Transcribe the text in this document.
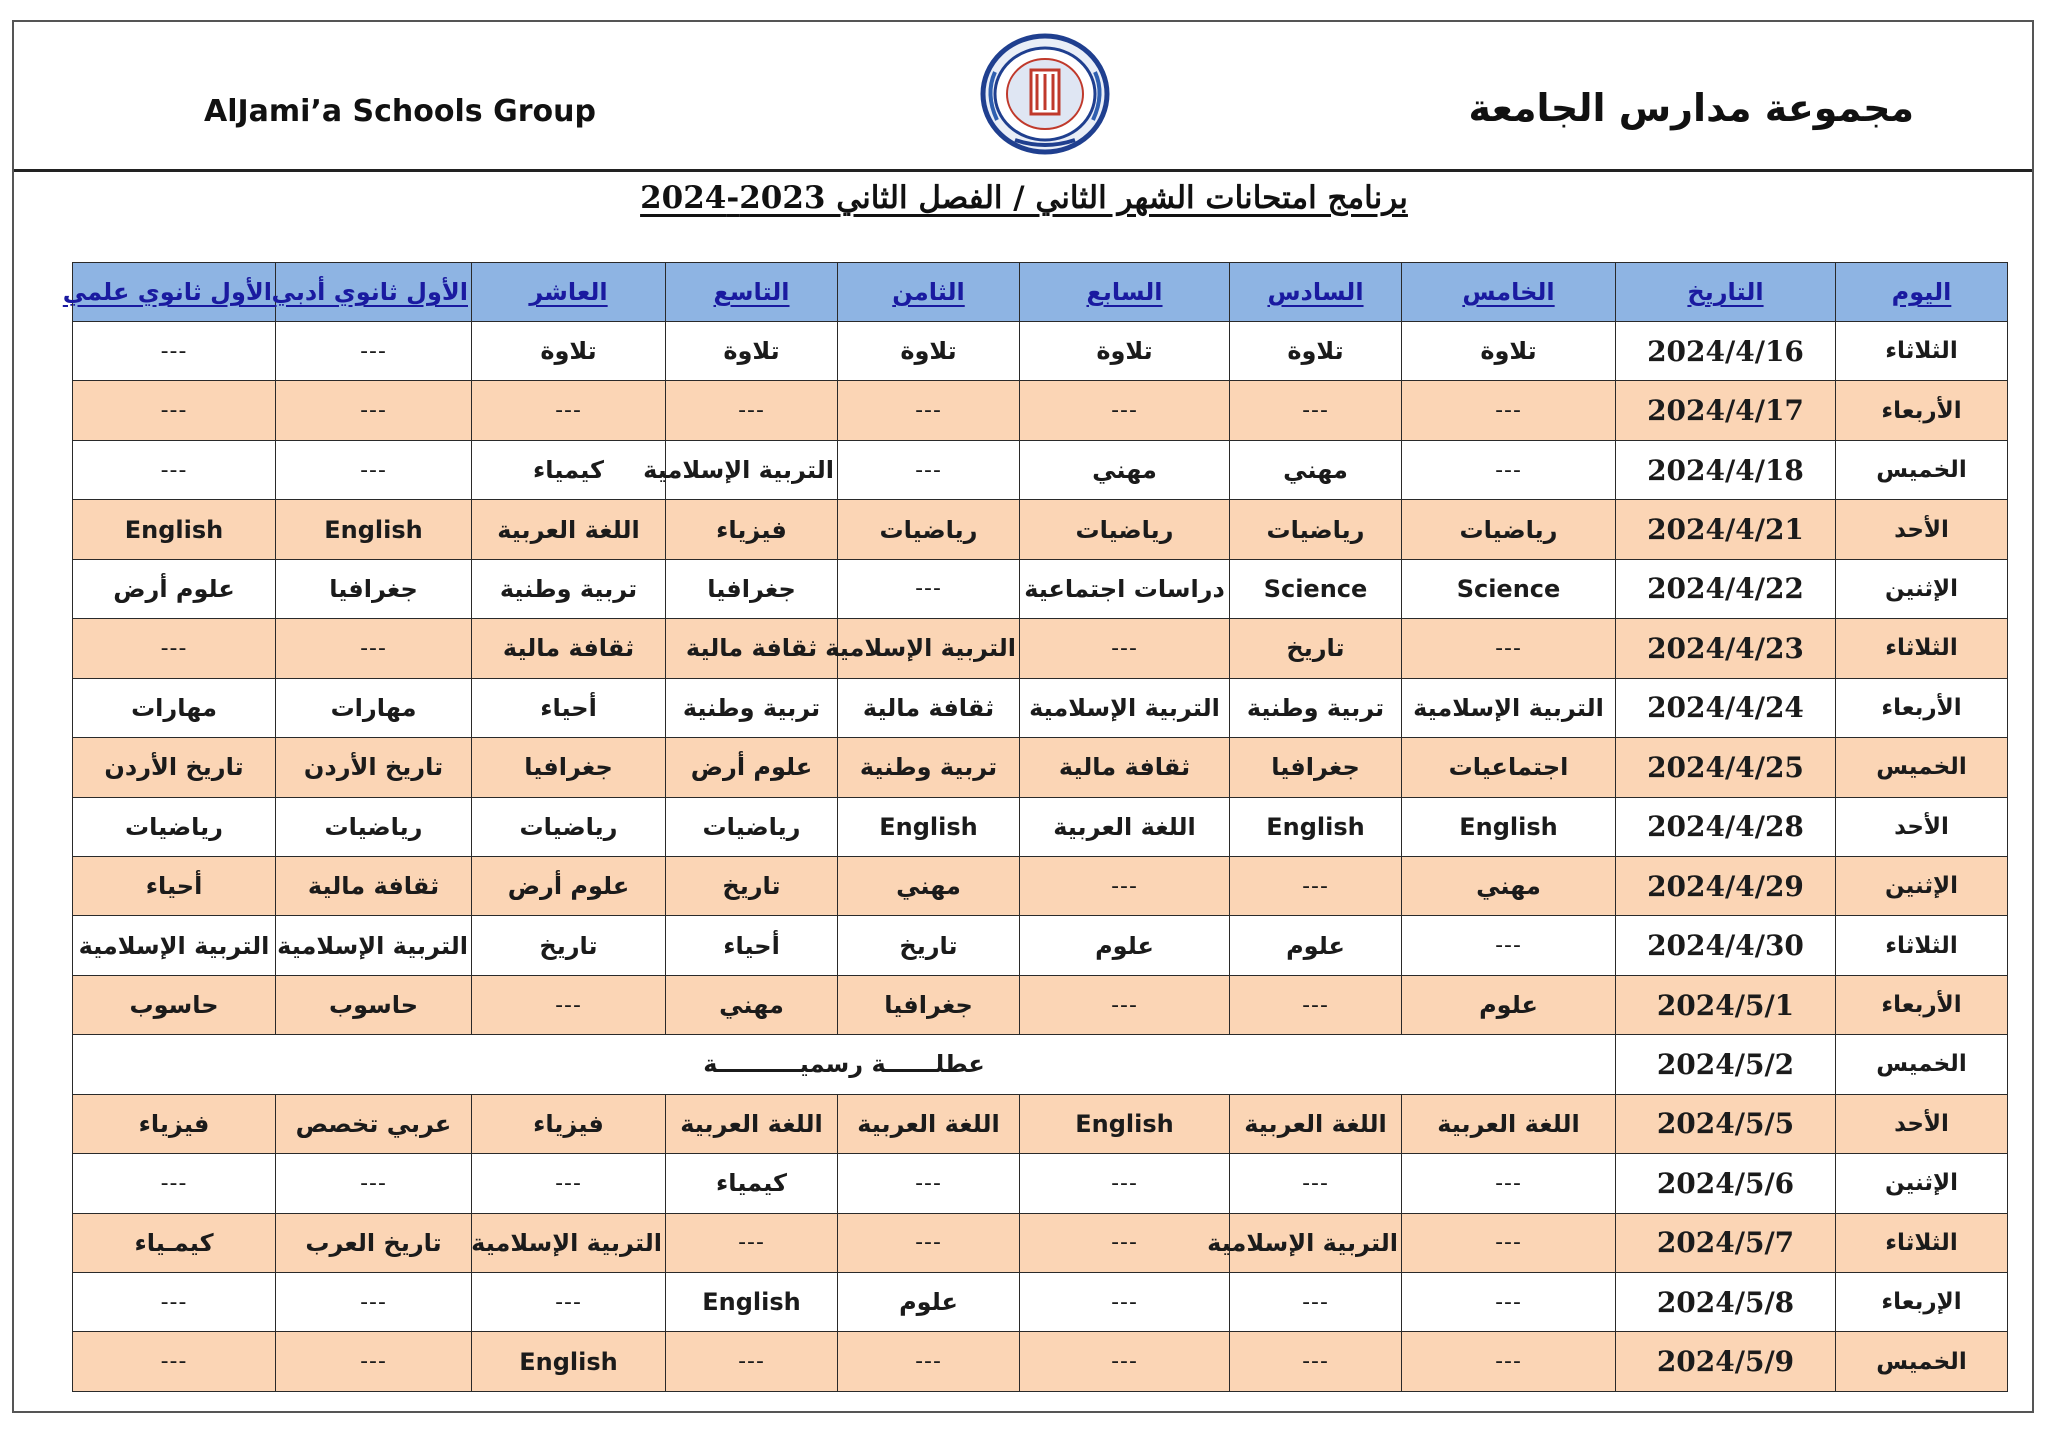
AlJami’a Schools Group	مجموعة مدارس الجامعة
برنامج امتحانات الشهر الثاني / الفصل الثاني 2023-2024
اليوم	التاريخ	الخامس	السادس	السابع	الثامن	التاسع	العاشر	الأول ثانوي أدبي	الأول ثانوي علمي
الثلاثاء	2024/4/16	تلاوة	تلاوة	تلاوة	تلاوة	تلاوة	تلاوة	---	---
الأربعاء	2024/4/17	---	---	---	---	---	---	---	---
الخميس	2024/4/18	---	مهني	مهني	---	التربية الإسلامية	كيمياء	---	---
الأحد	2024/4/21	رياضيات	رياضيات	رياضيات	رياضيات	فيزياء	اللغة العربية	English	English
الإثنين	2024/4/22	Science	Science	دراسات اجتماعية	---	جغرافيا	تربية وطنية	جغرافيا	علوم أرض
الثلاثاء	2024/4/23	---	تاريخ	---	التربية الإسلامية	ثقافة مالية	ثقافة مالية	---	---
الأربعاء	2024/4/24	التربية الإسلامية	تربية وطنية	التربية الإسلامية	ثقافة مالية	تربية وطنية	أحياء	مهارات	مهارات
الخميس	2024/4/25	اجتماعيات	جغرافيا	ثقافة مالية	تربية وطنية	علوم أرض	جغرافيا	تاريخ الأردن	تاريخ الأردن
الأحد	2024/4/28	English	English	اللغة العربية	English	رياضيات	رياضيات	رياضيات	رياضيات
الإثنين	2024/4/29	مهني	---	---	مهني	تاريخ	علوم أرض	ثقافة مالية	أحياء
الثلاثاء	2024/4/30	---	علوم	علوم	تاريخ	أحياء	تاريخ	التربية الإسلامية	التربية الإسلامية
الأربعاء	2024/5/1	علوم	---	---	جغرافيا	مهني	---	حاسوب	حاسوب
الخميس	2024/5/2	عطلــــــة رسميــــــــــة							
الأحد	2024/5/5	اللغة العربية	اللغة العربية	English	اللغة العربية	اللغة العربية	فيزياء	عربي تخصص	فيزياء
الإثنين	2024/5/6	---	---	---	---	كيمياء	---	---	---
الثلاثاء	2024/5/7	---	التربية الإسلامية	---	---	---	التربية الإسلامية	تاريخ العرب	كيمـياء
الإربعاء	2024/5/8	---	---	---	علوم	English	---	---	---
الخميس	2024/5/9	---	---	---	---	---	English	---	---
